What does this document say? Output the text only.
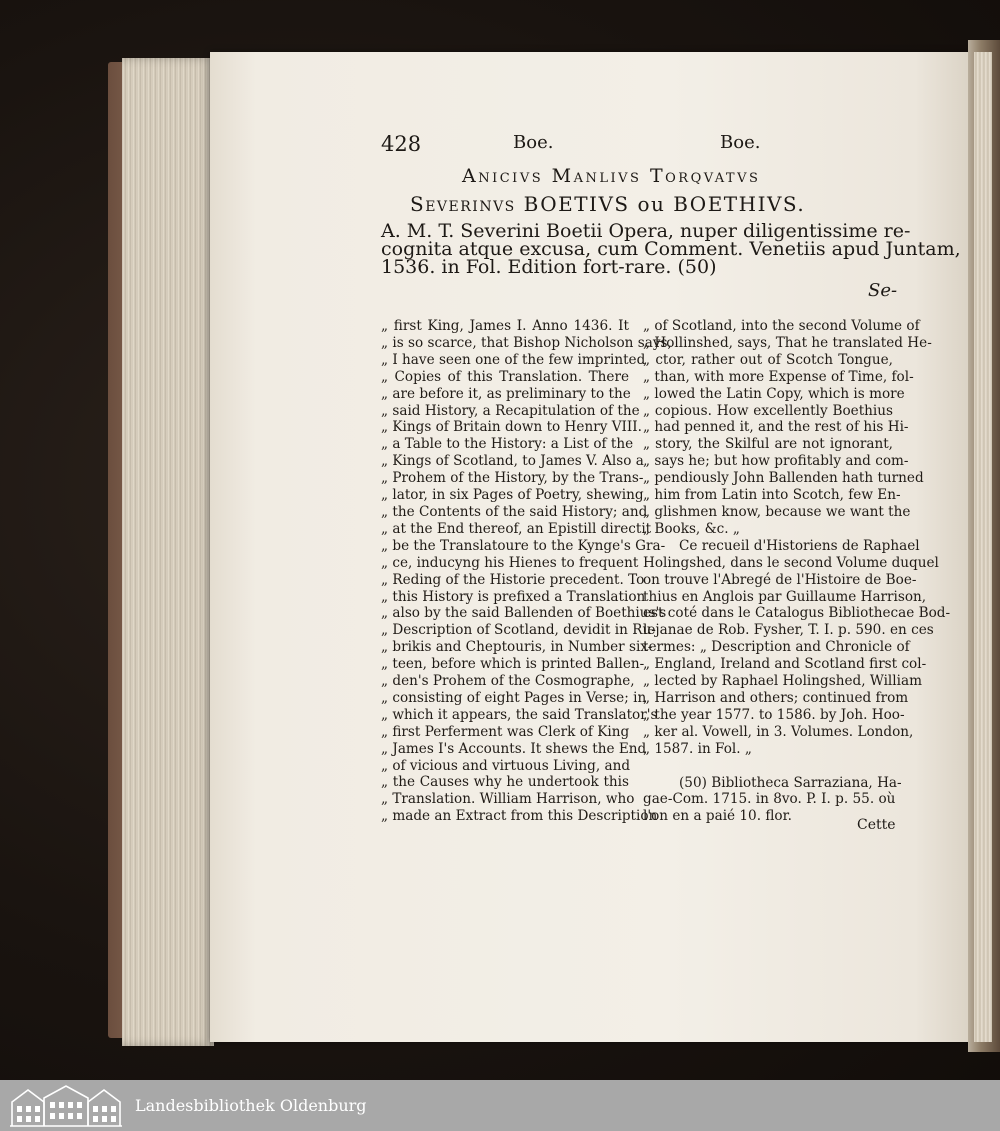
428	Boe.	Boe.
Anicivs Manlivs Torqvatvs
Severinvs BOETIVS ou BOETHIVS.
A. M. T. Severini Boetii Opera, nuper diligentissime re-
cognita atque excusa, cum Comment. Venetiis apud Juntam,
1536. in Fol. Edition fort-rare. (50)
Se-
„ first King, James I. Anno 1436. It
„ is so scarce, that Bishop Nicholson says,
„ I have seen one of the few imprinted
„ Copies of this Translation. There
„ are before it, as preliminary to the
„ said History, a Recapitulation of the
„ Kings of Britain down to Henry VIII.
„ a Table to the History: a List of the
„ Kings of Scotland, to James V. Also a
„ Prohem of the History, by the Trans-
„ lator, in six Pages of Poetry, shewing
„ the Contents of the said History; and
„ at the End thereof, an Epistill directit
„ be the Translatoure to the Kynge's Gra-
„ ce, inducyng his Hienes to frequent
„ Reding of the Historie precedent. To
„ this History is prefixed a Translation
„ also by the said Ballenden of Boethius's
„ Description of Scotland, devidit in Ru-
„ brikis and Cheptouris, in Number six-
„ teen, before which is printed Ballen-
„ den's Prohem of the Cosmographe,
„ consisting of eight Pages in Verse; in
„ which it appears, the said Translator's
„ first Perferment was Clerk of King
„ James I's Accounts. It shews the End
„ of vicious and virtuous Living, and
„ the Causes why he undertook this
„ Translation. William Harrison, who
„ made an Extract from this Description
„ of Scotland, into the second Volume of
„ Hollinshed, says, That he translated He-
„ ctor, rather out of Scotch Tongue,
„ than, with more Expense of Time, fol-
„ lowed the Latin Copy, which is more
„ copious. How excellently Boethius
„ had penned it, and the rest of his Hi-
„ story, the Skilful are not ignorant,
„ says he; but how profitably and com-
„ pendiously John Ballenden hath turned
„ him from Latin into Scotch, few En-
„ glishmen know, because we want the
„ Books, &c. „
Ce recueil d'Historiens de Raphael
Holingshed, dans le second Volume duquel
on trouve l'Abregé de l'Histoire de Boe-
thius en Anglois par Guillaume Harrison,
est coté dans le Catalogus Bibliothecae Bod-
lejanae de Rob. Fysher, T. I. p. 590. en ces
termes: „ Description and Chronicle of
„ England, Ireland and Scotland first col-
„ lected by Raphael Holingshed, William
„ Harrison and others; continued from
„ the year 1577. to 1586. by Joh. Hoo-
„ ker al. Vowell, in 3. Volumes. London,
„ 1587. in Fol. „
(50) Bibliotheca Sarraziana, Ha-
gae-Com. 1715. in 8vo. P. I. p. 55. où
l'on en a paié 10. flor.
Cette
Landesbibliothek Oldenburg
